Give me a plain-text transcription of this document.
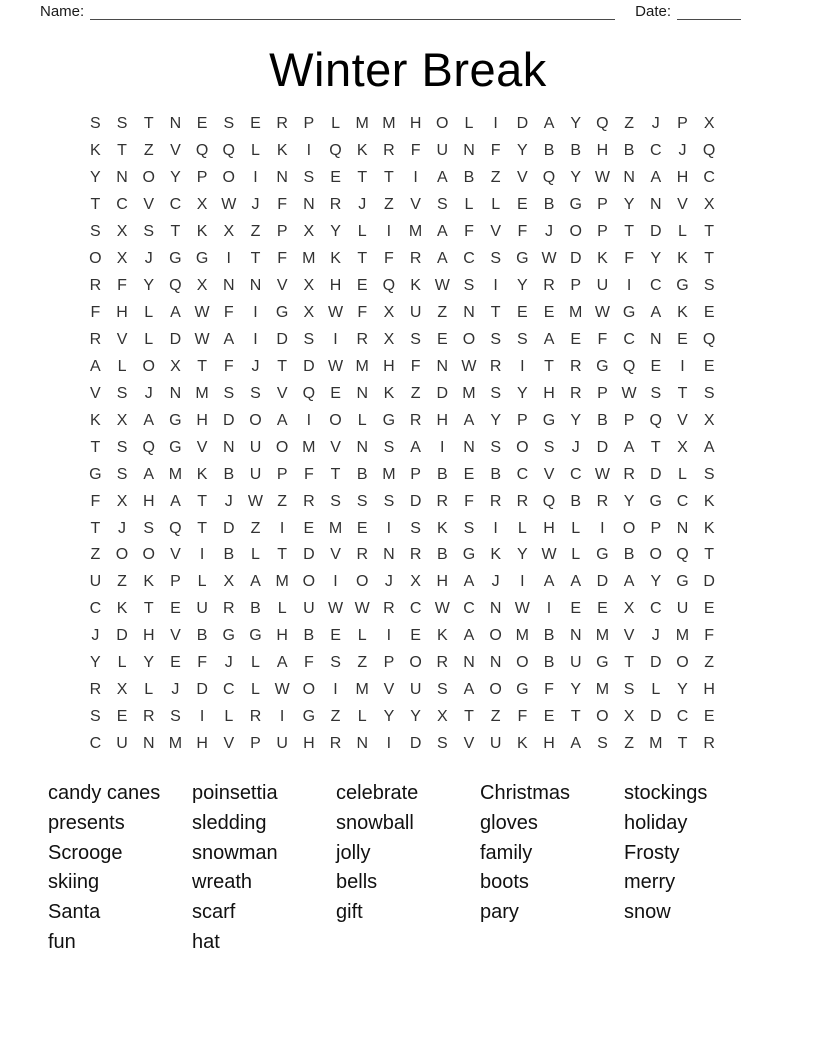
Name:	Date:
Winter Break
S	S	T	N E	S	E R P	L M M H O	L	I	D A	Y Q Z	J	P	X
K	T	Z	V Q Q	L	K	I	Q K R	F	U N	F	Y	B	B H B C	J	Q
Y N O Y	P O	I	N S	E	T	T	I	A	B	Z	V Q Y W N A H C
T	C V C X W J	F	N R	J	Z	V	S	L	L	E	B G P	Y N V	X
S	X	S	T	K	X	Z	P	X	Y	L	I	M A	F	V	F	J	O P	T	D	L	T
O X	J	G G	I	T	F M K	T	F	R A C S G W D K	F	Y	K	T
R	F	Y Q X N N V	X H E Q K W S	I	Y R P U	I	C G S
F	H	L	A W F	I	G X W F	X U	Z	N	T	E	E M W G A	K	E
R V	L	D W A	I	D S	I	R X	S	E O S	S	A	E	F	C N E Q
A	L	O X	T	F	J	T	D W M H	F	N W R	I	T	R G Q E	I	E
V	S	J	N M S	S	V Q E N K	Z	D M S	Y H R P W S	T	S
K	X	A G H D O A	I	O	L	G R H A	Y	P G Y	B	P Q V	X
T	S Q G V N U O M V N S	A	I	N S O S	J	D A	T	X	A
G S	A M K	B U P	F	T	B M P	B	E	B C V C W R D	L	S
F	X H A	T	J W Z	R S	S	S D R	F	R R Q B R Y G C K
T	J	S Q T	D	Z	I	E M E	I	S	K	S	I	L	H	L	I	O P N K
Z O O V	I	B	L	T	D V R N R B G K	Y W L	G B O Q T
U	Z	K	P	L	X	A M O	I	O	J	X H A	J	I	A	A D A	Y G D
C K	T	E U R B	L	U W W R C W C N W	I	E	E	X C U E
J	D H V	B G G H B	E	L	I	E	K	A O M B N M V	J	M F
Y	L	Y	E	F	J	L	A	F	S	Z	P O R N N O B U G T	D O Z
R X	L	J	D C	L W O	I	M V U S	A O G F	Y M S	L	Y H
S	E R S	I	L	R	I	G Z	L	Y	Y	X	T	Z	F	E	T O X D C E
C U N M H V	P U H R N	I	D S	V U K H A	S	Z M T	R
candy canes
presents
Scrooge
skiing
Santa
fun
poinsettia
sledding
snowman
wreath
scarf
hat
celebrate
snowball
jolly
bells
gift
Christmas
gloves
family
boots
pary
stockings
holiday
Frosty
merry
snow
